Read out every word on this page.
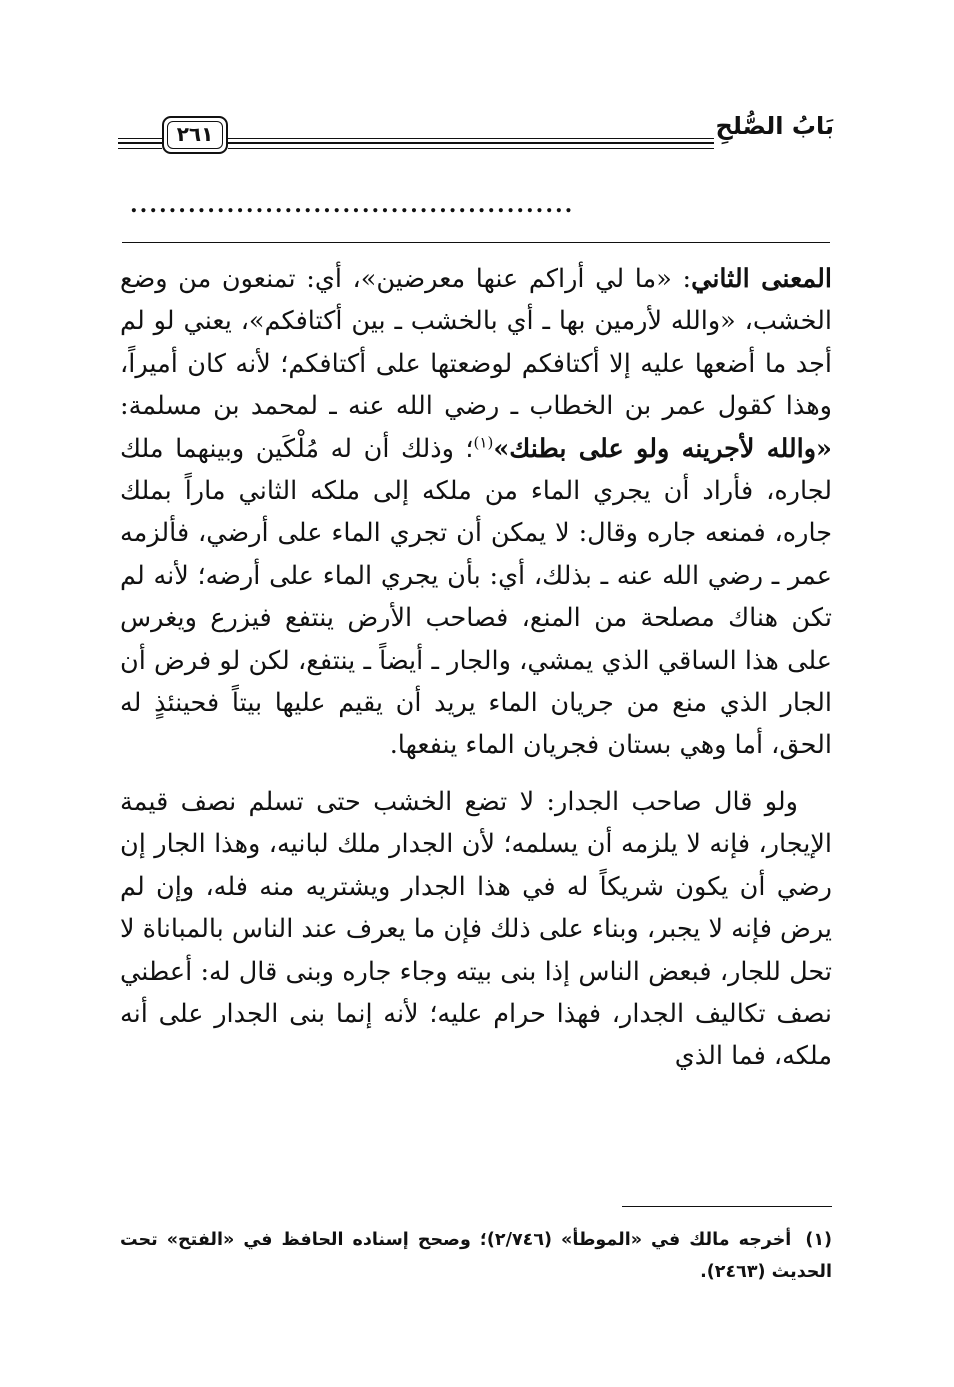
بَابُ الصُّلحِ
٢٦١
..............................................

المعنى الثاني: «ما لي أراكم عنها معرضين»، أي: تمنعون من وضع الخشب، «والله لأرمين بها ـ أي بالخشب ـ بين أكتافكم»، يعني لو لم أجد ما أضعها عليه إلا أكتافكم لوضعتها على أكتافكم؛ لأنه كان أميراً، وهذا كقول عمر بن الخطاب ـ رضي الله عنه ـ لمحمد بن مسلمة: «والله لأجرينه ولو على بطنك»$^{(١)}$؛ وذلك أن له مُلْكَين وبينهما ملك لجاره، فأراد أن يجري الماء من ملكه إلى ملكه الثاني ماراً بملك جاره، فمنعه جاره وقال: لا يمكن أن تجري الماء على أرضي، فألزمه عمر ـ رضي الله عنه ـ بذلك، أي: بأن يجري الماء على أرضه؛ لأنه لم تكن هناك مصلحة من المنع، فصاحب الأرض ينتفع فيزرع ويغرس على هذا الساقي الذي يمشي، والجار ـ أيضاً ـ ينتفع، لكن لو فرض أن الجار الذي منع من جريان الماء يريد أن يقيم عليها بيتاً فحينئذٍ له الحق، أما وهي بستان فجريان الماء ينفعها.

ولو قال صاحب الجدار: لا تضع الخشب حتى تسلم نصف قيمة الإيجار، فإنه لا يلزمه أن يسلمه؛ لأن الجدار ملك لبانيه، وهذا الجار إن رضي أن يكون شريكاً له في هذا الجدار ويشتريه منه فله، وإن لم يرض فإنه لا يجبر، وبناء على ذلك فإن ما يعرف عند الناس بالمباناة لا تحل للجار، فبعض الناس إذا بنى بيته وجاء جاره وبنى قال له: أعطني نصف تكاليف الجدار، فهذا حرام عليه؛ لأنه إنما بنى الجدار على أنه ملكه، فما الذي

(١)أخرجه مالك في «الموطأ» (٢/٧٤٦)؛ وصحح إسناده الحافظ في «الفتح» تحت الحديث (٢٤٦٣).
